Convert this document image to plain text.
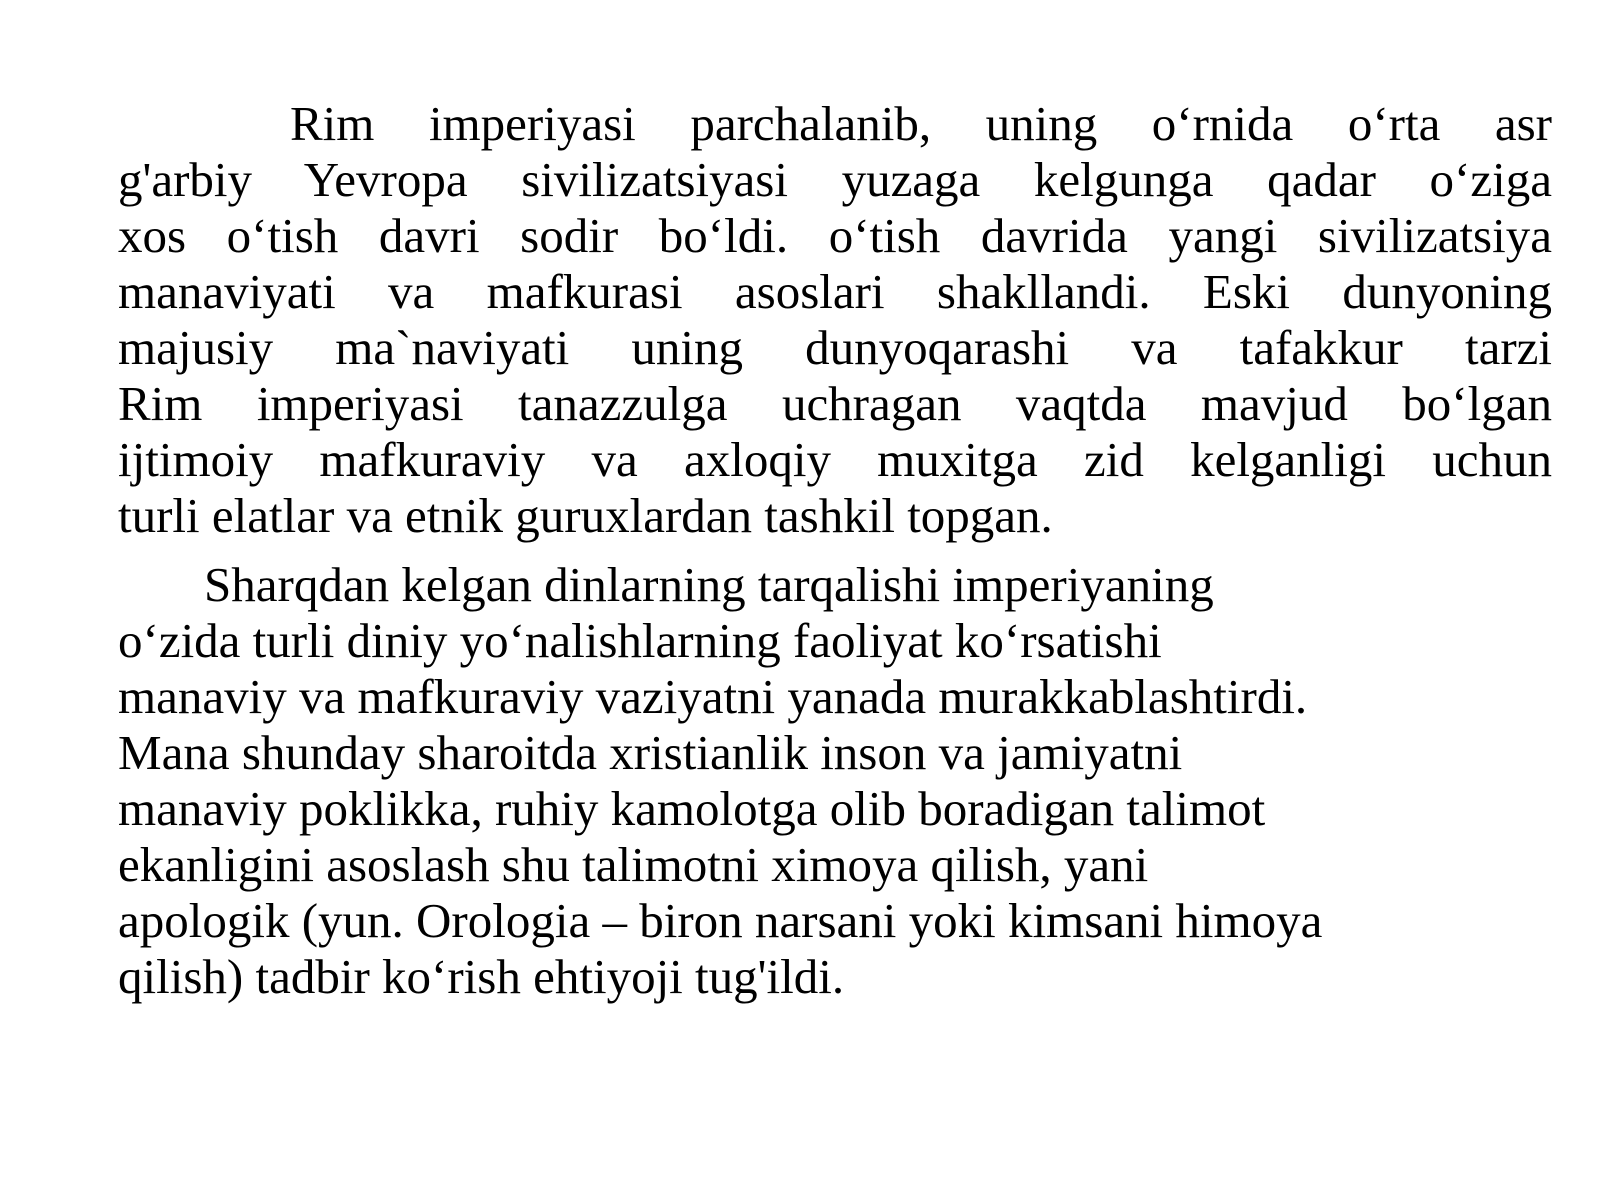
Rim imperiyasi parchalanib, uning o‘rnida o‘rta asr
g'arbiy Yevropa sivilizatsiyasi yuzaga kelgunga qadar o‘ziga
xos o‘tish davri sodir bo‘ldi. o‘tish davrida yangi sivilizatsiya
manaviyati va mafkurasi asoslari shakllandi. Eski dunyoning
majusiy ma`naviyati uning dunyoqarashi va tafakkur tarzi
Rim imperiyasi tanazzulga uchragan vaqtda mavjud bo‘lgan
ijtimoiy mafkuraviy va axloqiy muxitga zid kelganligi uchun
turli elatlar va etnik guruxlardan tashkil topgan.
Sharqdan kelgan dinlarning tarqalishi imperiyaning
o‘zida turli diniy yo‘nalishlarning faoliyat ko‘rsatishi
manaviy va mafkuraviy vaziyatni yanada murakkablashtirdi.
Mana shunday sharoitda xristianlik inson va jamiyatni
manaviy poklikka, ruhiy kamolotga olib boradigan talimot
ekanligini asoslash shu talimotni ximoya qilish, yani
apologik (yun. Orologia – biron narsani yoki kimsani himoya
qilish) tadbir ko‘rish ehtiyoji tug'ildi.
